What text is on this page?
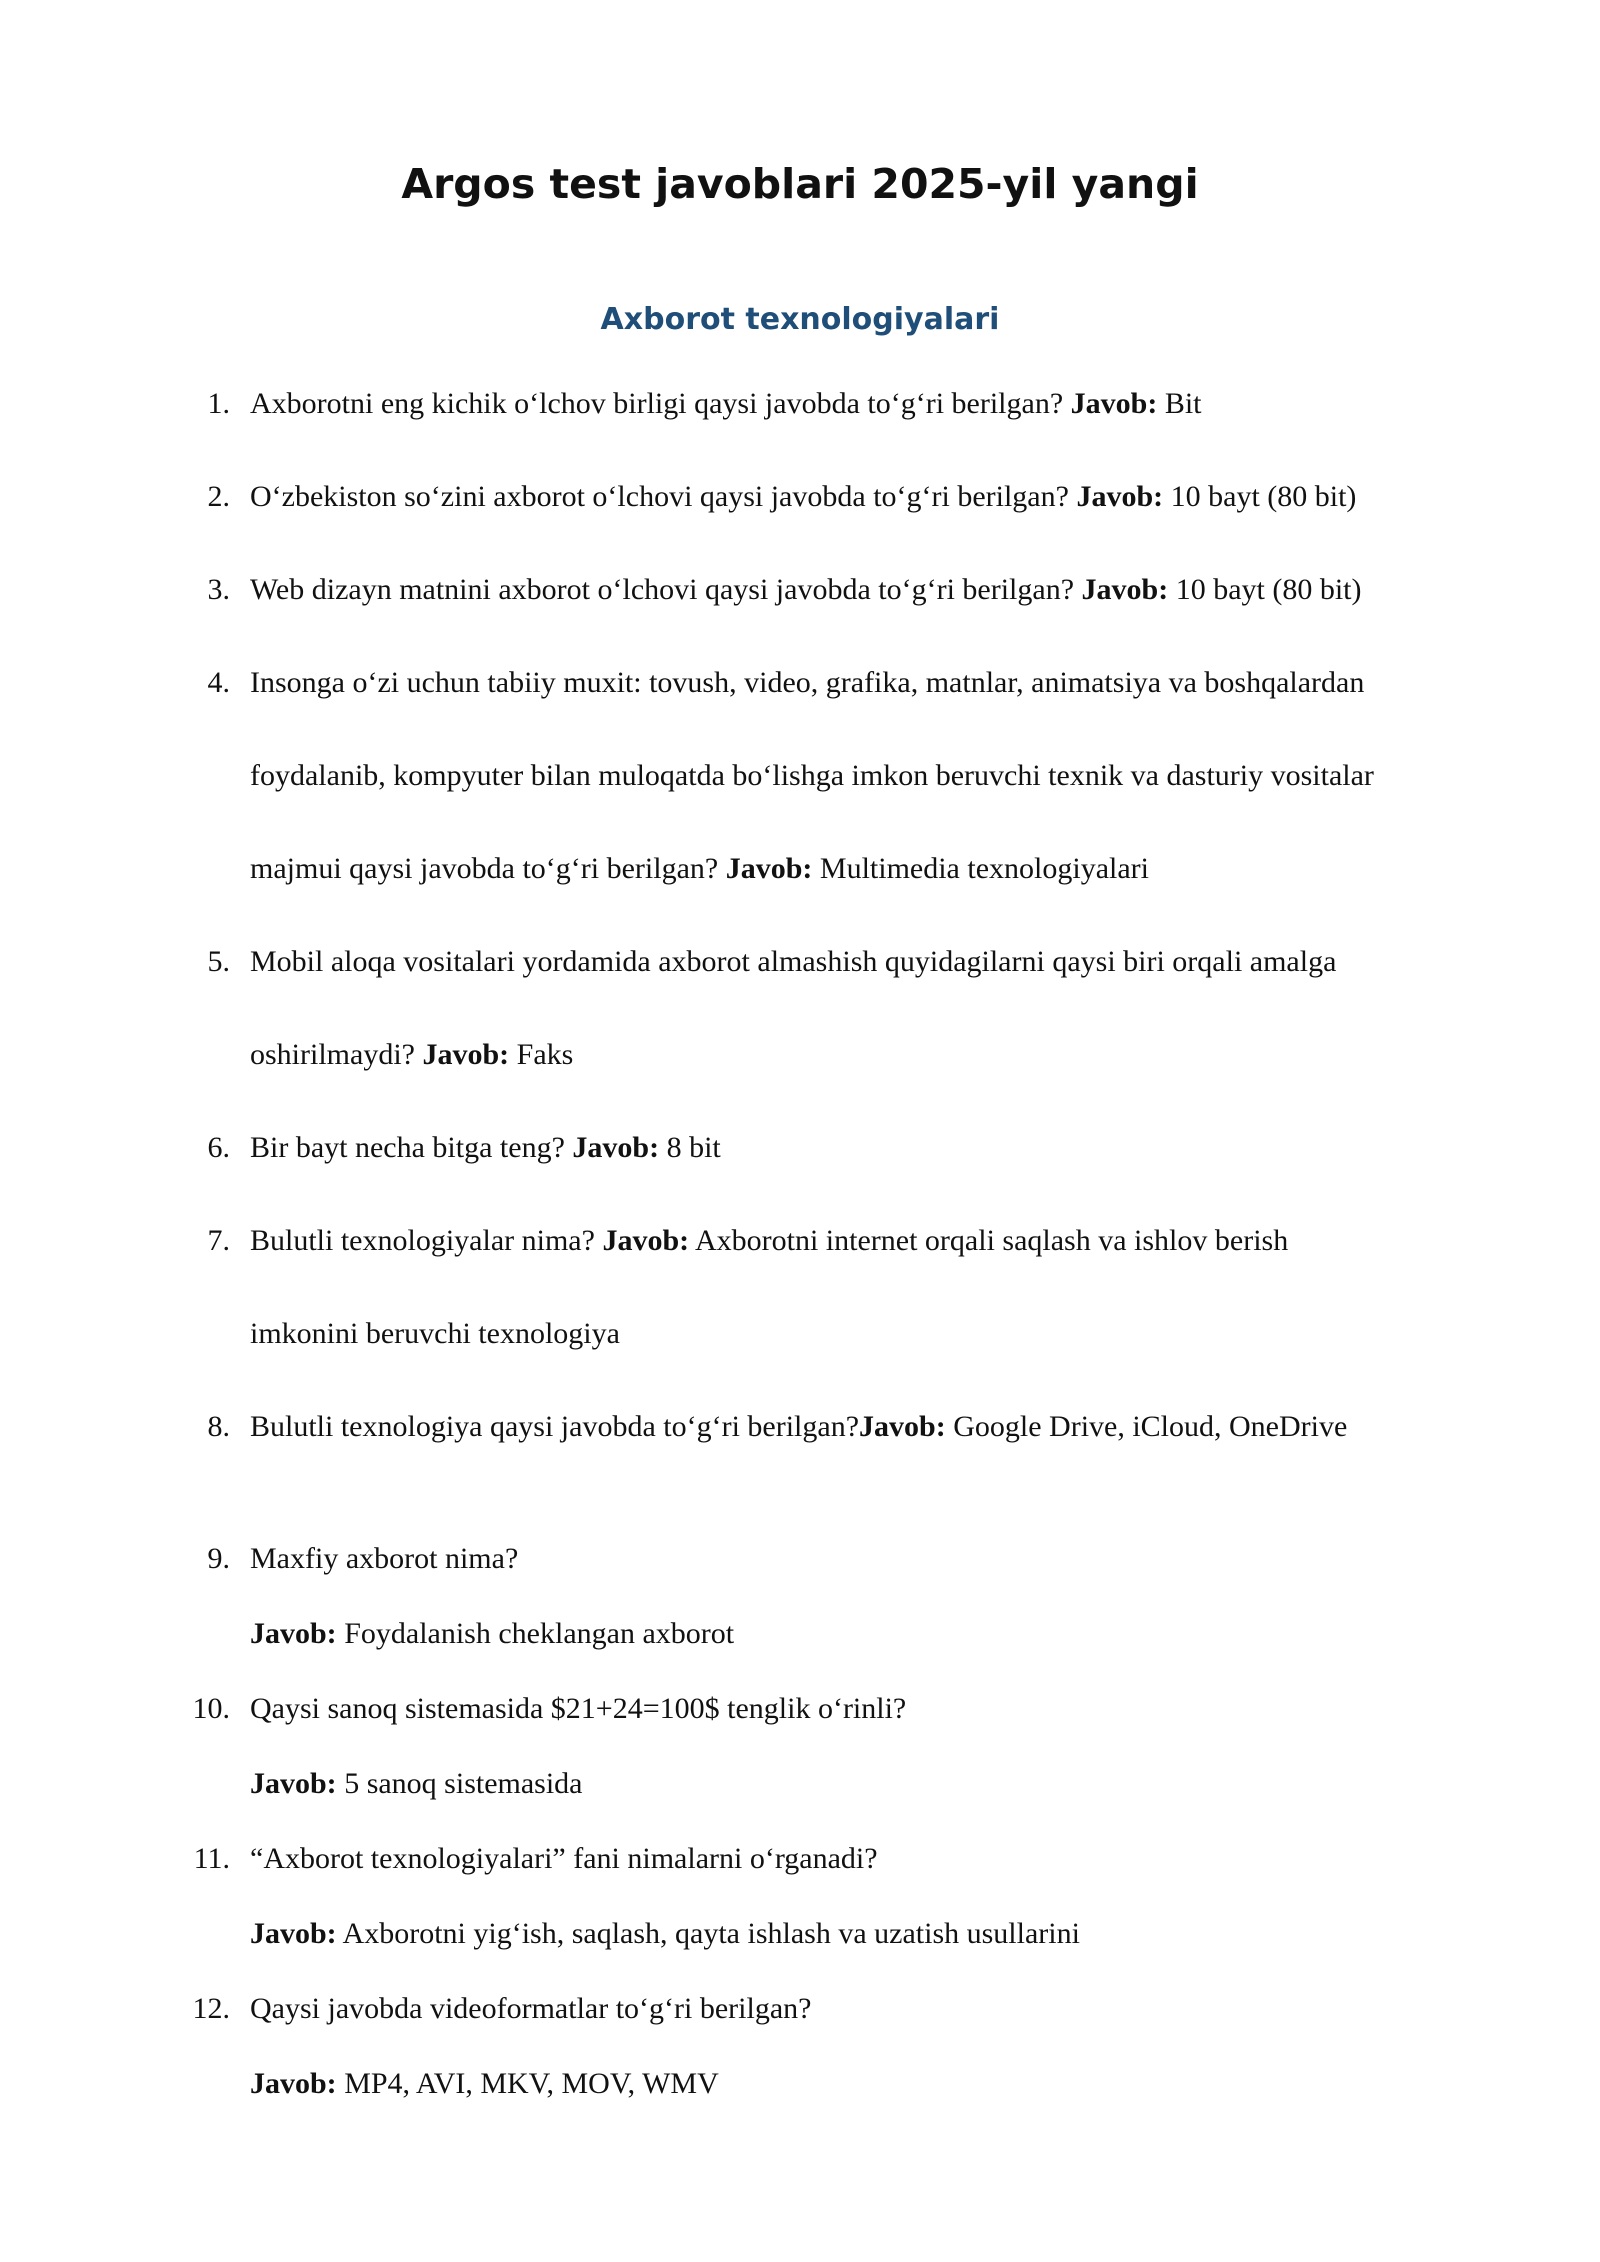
Argos test javoblari 2025-yil yangi
Axborot texnologiyalari
1. Axborotni eng kichik o‘lchov birligi qaysi javobda to‘g‘ri berilgan? Javob: Bit
2. O‘zbekiston so‘zini axborot o‘lchovi qaysi javobda to‘g‘ri berilgan? Javob: 10 bayt (80 bit)
3. Web dizayn matnini axborot o‘lchovi qaysi javobda to‘g‘ri berilgan? Javob: 10 bayt (80 bit)
4. Insonga o‘zi uchun tabiiy muxit: tovush, video, grafika, matnlar, animatsiya va boshqalardan
foydalanib, kompyuter bilan muloqatda bo‘lishga imkon beruvchi texnik va dasturiy vositalar
majmui qaysi javobda to‘g‘ri berilgan? Javob: Multimedia texnologiyalari
5. Mobil aloqa vositalari yordamida axborot almashish quyidagilarni qaysi biri orqali amalga
oshirilmaydi? Javob: Faks
6. Bir bayt necha bitga teng? Javob: 8 bit
7. Bulutli texnologiyalar nima? Javob: Axborotni internet orqali saqlash va ishlov berish
imkonini beruvchi texnologiya
8. Bulutli texnologiya qaysi javobda to‘g‘ri berilgan?Javob: Google Drive, iCloud, OneDrive
9. Maxfiy axborot nima?
Javob: Foydalanish cheklangan axborot
10. Qaysi sanoq sistemasida $21+24=100$ tenglik o‘rinli?
Javob: 5 sanoq sistemasida
11. “Axborot texnologiyalari” fani nimalarni o‘rganadi?
Javob: Axborotni yig‘ish, saqlash, qayta ishlash va uzatish usullarini
12. Qaysi javobda videoformatlar to‘g‘ri berilgan?
Javob: MP4, AVI, MKV, MOV, WMV
